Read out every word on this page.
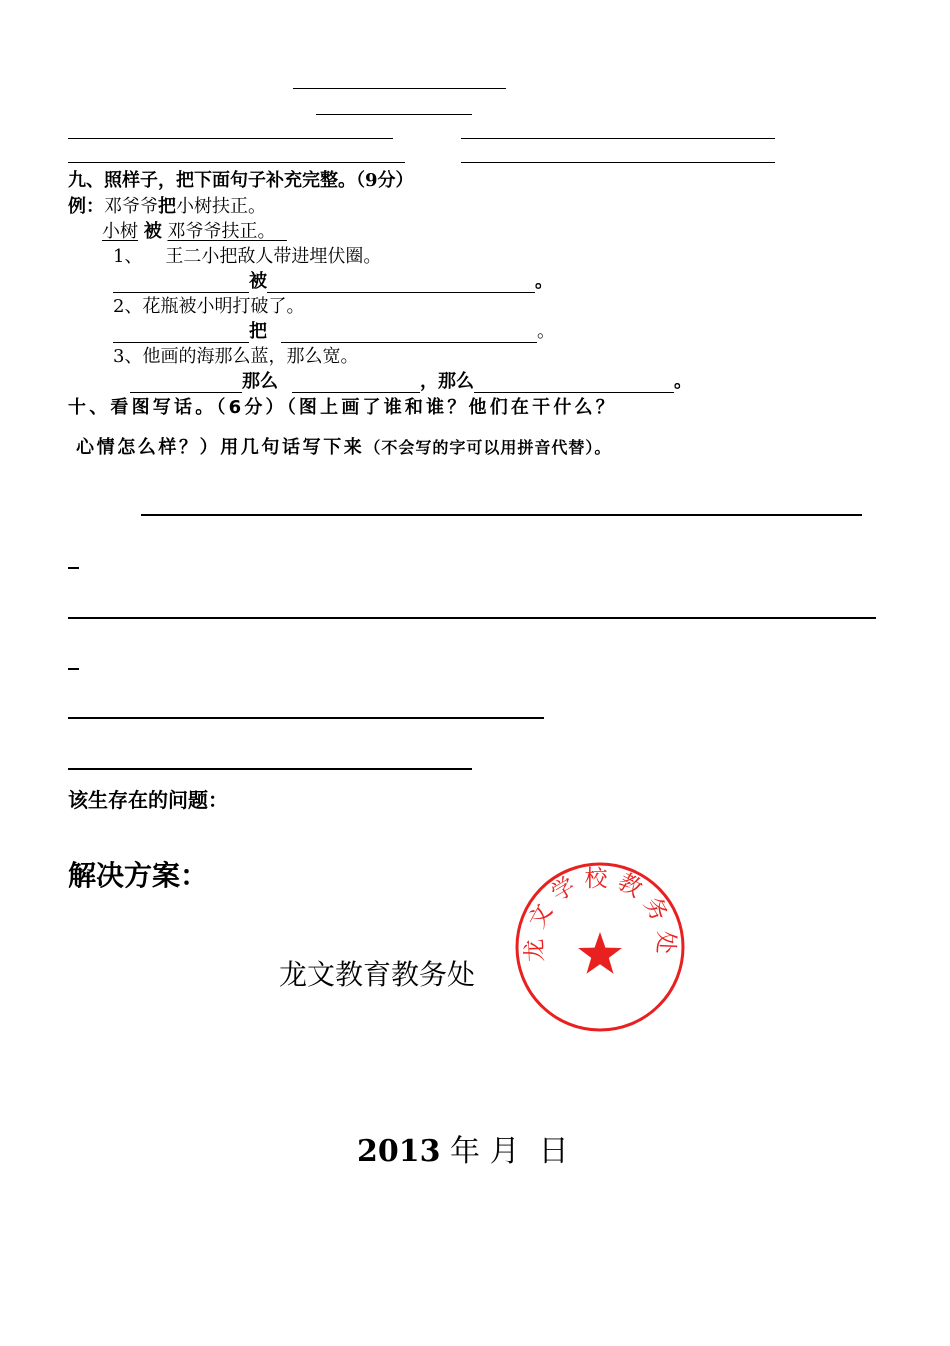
九、照样子，把下面句子补充完整。（9分）
例：邓爷爷把小树扶正。
小树 被 邓爷爷扶正。
1、    王二小把敌人带进埋伏圈。
被	。
2、花瓶被小明打破了。
把	。
3、他画的海那么蓝，那么宽。
那么	，那么	。
十、看图写话。（6分）（图上画了谁和谁？他们在干什么？
心情怎么样？）用几句话写下来（不会写的字可以用拼音代替）。
该生存在的问题：
解决方案：
龙文教育教务处
龙文学校教务处
2013 年 月 日
